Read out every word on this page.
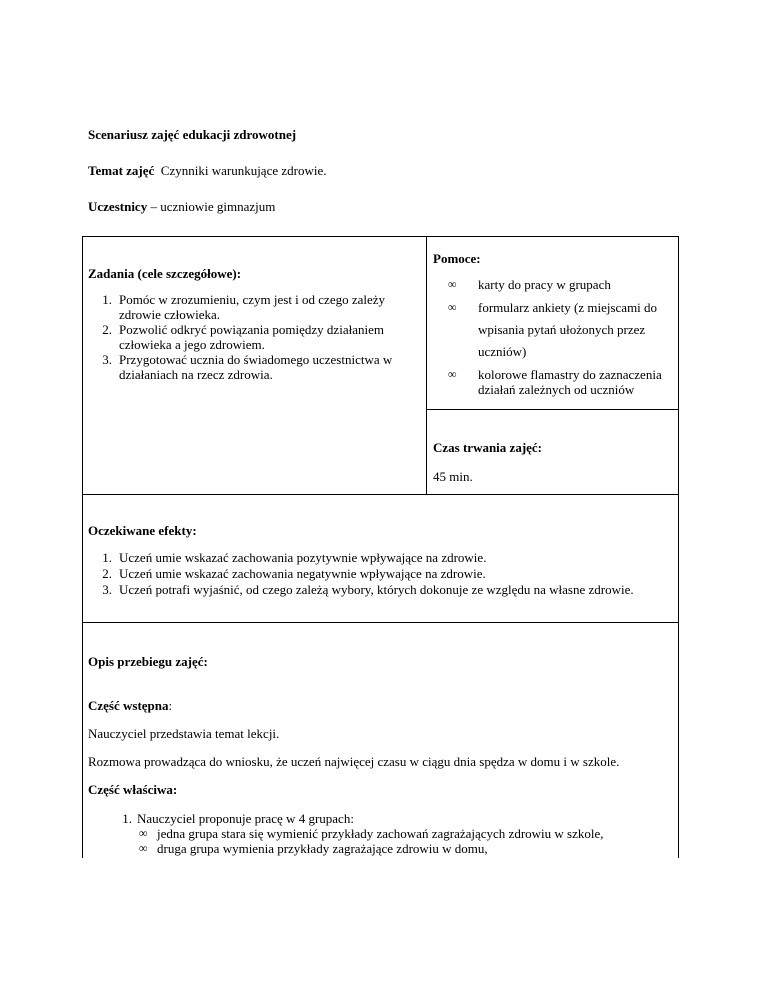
Scenariusz zajęć edukacji zdrowotnej
Temat zajęć Czynniki warunkujące zdrowie.
Uczestnicy – uczniowie gimnazjum
Zadania (cele szczegółowe):
1. Pomóc w zrozumieniu, czym jest i od czego zależy
zdrowie człowieka.
2. Pozwolić odkryć powiązania pomiędzy działaniem
człowieka a jego zdrowiem.
3. Przygotować ucznia do świadomego uczestnictwa w
działaniach na rzecz zdrowia.
Pomoce:
∞ karty do pracy w grupach
∞ formularz ankiety (z miejscami do
wpisania pytań ułożonych przez
uczniów)
∞ kolorowe flamastry do zaznaczenia
działań zależnych od uczniów
Czas trwania zajęć:
45 min.
Oczekiwane efekty:
1. Uczeń umie wskazać zachowania pozytywnie wpływające na zdrowie.
2. Uczeń umie wskazać zachowania negatywnie wpływające na zdrowie.
3. Uczeń potrafi wyjaśnić, od czego zależą wybory, których dokonuje ze względu na własne zdrowie.
Opis przebiegu zajęć:
Część wstępna:
Nauczyciel przedstawia temat lekcji.
Rozmowa prowadząca do wniosku, że uczeń najwięcej czasu w ciągu dnia spędza w domu i w szkole.
Część właściwa:
1. Nauczyciel proponuje pracę w 4 grupach:
∞ jedna grupa stara się wymienić przykłady zachowań zagrażających zdrowiu w szkole,
∞ druga grupa wymienia przykłady zagrażające zdrowiu w domu,
